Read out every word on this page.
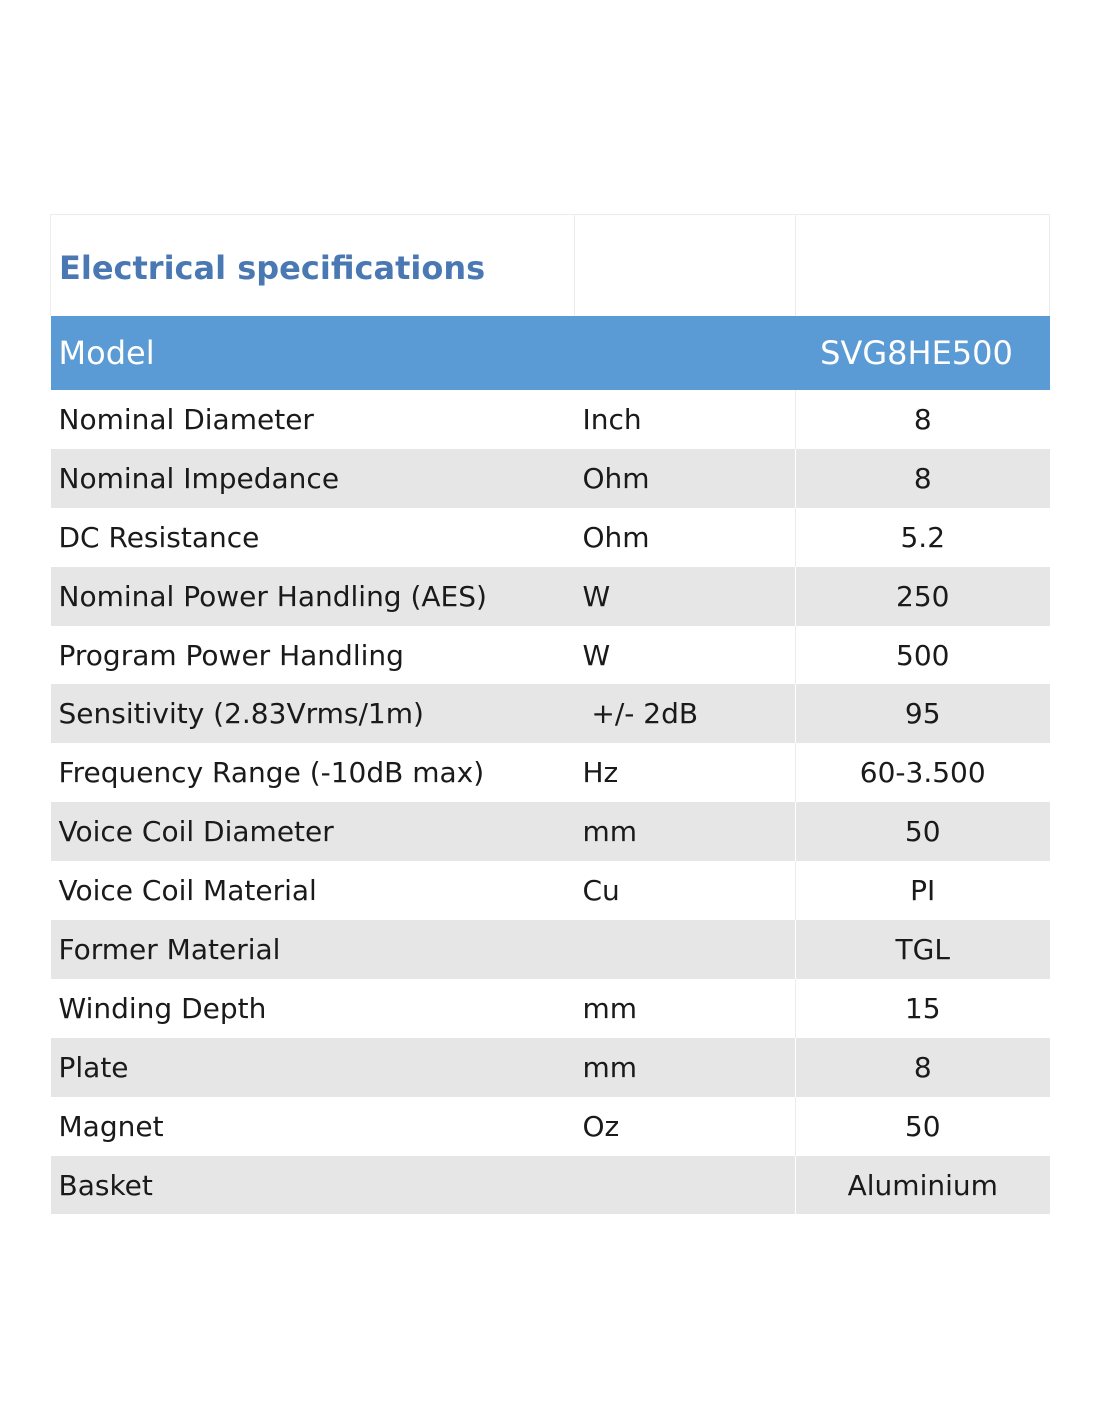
Electrical specifications		
Model		SVG8HE500
Nominal Diameter	Inch	8
Nominal Impedance	Ohm	8
DC Resistance	Ohm	5.2
Nominal Power Handling (AES)	W	250
Program Power Handling	W	500
Sensitivity (2.83Vrms/1m)	+/- 2dB	95
Frequency Range (-10dB max)	Hz	60-3.500
Voice Coil Diameter	mm	50
Voice Coil Material	Cu	PI
Former Material		TGL
Winding Depth	mm	15
Plate	mm	8
Magnet	Oz	50
Basket		Aluminium
